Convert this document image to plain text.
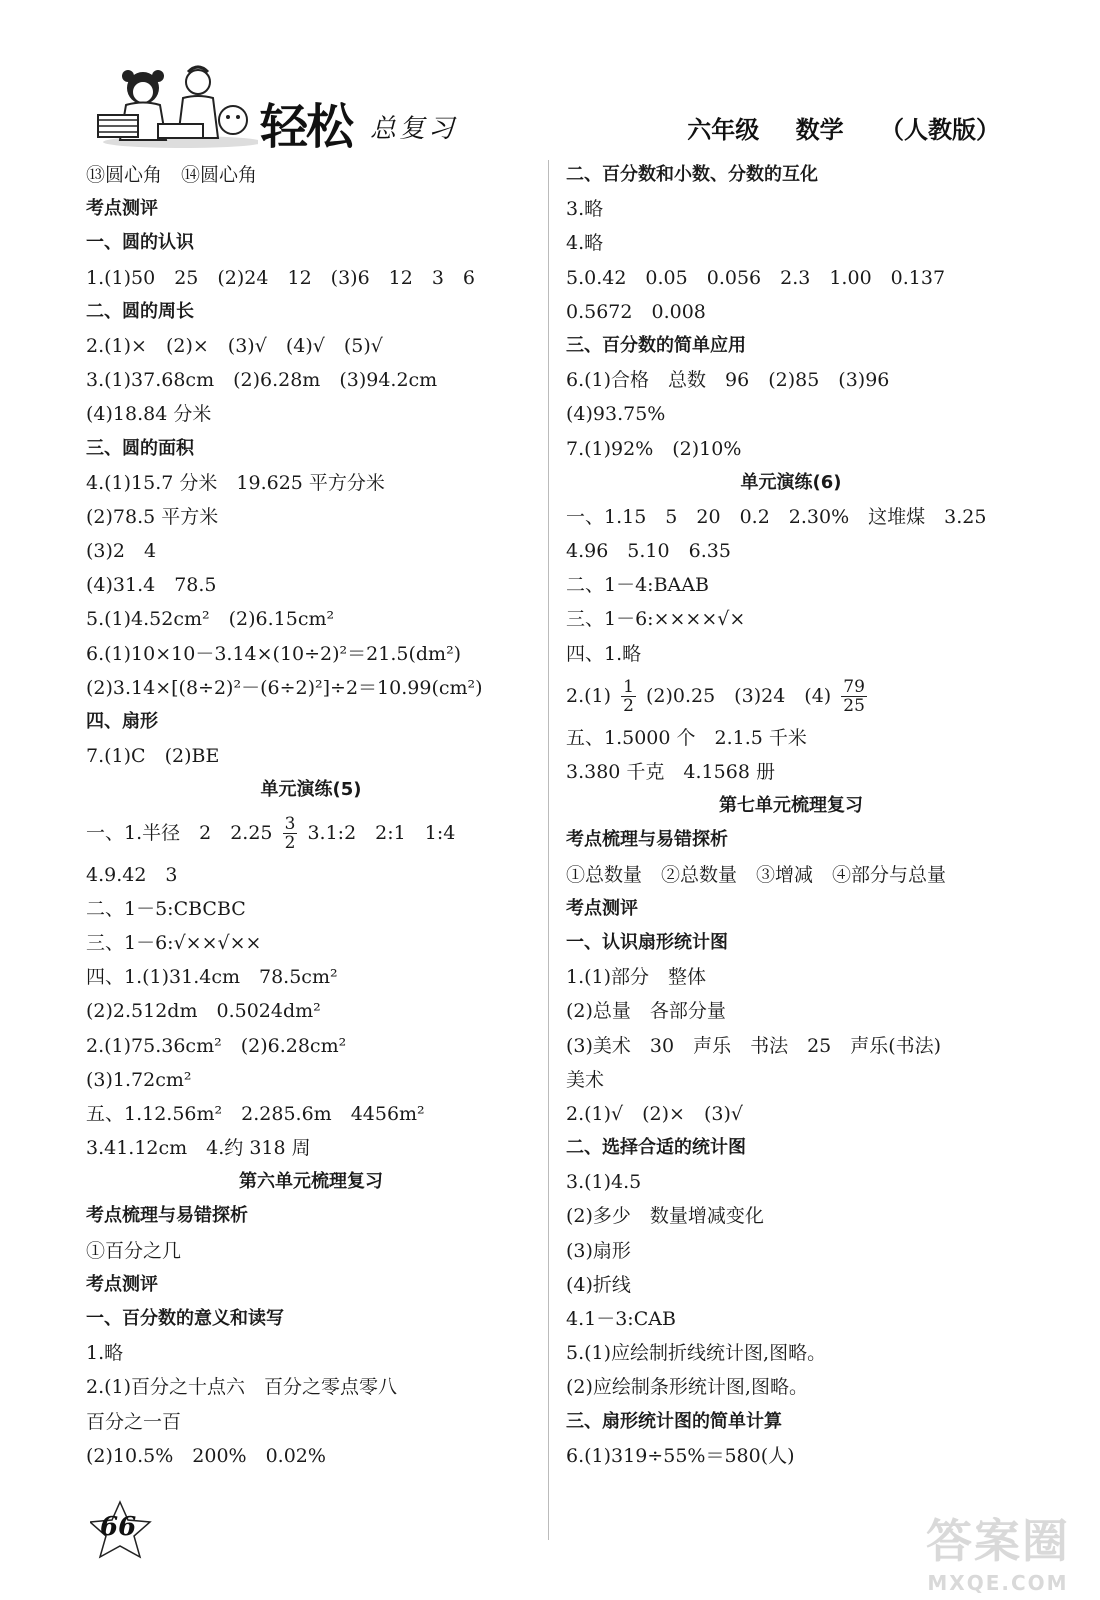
轻松 总复习	六年级 数学 （人教版）
⑬圆心角　⑭圆心角
考点测评
一、圆的认识
1.(1)50　25　(2)24　12　(3)6　12　3　6
二、圆的周长
2.(1)×　(2)×　(3)√　(4)√　(5)√
3.(1)37.68cm　(2)6.28m　(3)94.2cm
(4)18.84 分米
三、圆的面积
4.(1)15.7 分米　19.625 平方分米
(2)78.5 平方米
(3)2　4
(4)31.4　78.5
5.(1)4.52cm²　(2)6.15cm²
6.(1)10×10－3.14×(10÷2)²＝21.5(dm²)
(2)3.14×[(8÷2)²－(6÷2)²]÷2＝10.99(cm²)
四、扇形
7.(1)C　(2)BE
单元演练(5)
一、1.半径　2　$2.25 \frac{3}{2}$ 3.1:2　2:1　1:4
4.9.42　3
二、1－5:CBCBC
三、1－6:√××√××
四、1.(1)31.4cm　78.5cm²
(2)2.512dm　0.5024dm²
2.(1)75.36cm²　(2)6.28cm²
(3)1.72cm²
五、1.12.56m²　2.285.6m　4456m²
3.41.12cm　4.约 318 周
第六单元梳理复习
考点梳理与易错探析
①百分之几
考点测评
一、百分数的意义和读写
1.略
2.(1)百分之十点六　百分之零点零八
百分之一百
(2)10.5%　200%　0.02%
二、百分数和小数、分数的互化
3.略
4.略
5.0.42　0.05　0.056　2.3　1.00　0.137
0.5672　0.008
三、百分数的简单应用
6.(1)合格　总数　96　(2)85　(3)96
(4)93.75%
7.(1)92%　(2)10%
单元演练(6)
一、1.15　5　20　0.2　2.30%　这堆煤　3.25
4.96　5.10　6.35
二、1－4:BAAB
三、1－6:××××√×
四、1.略
$2.(1) \frac{1}{2} (2)0.25$　(3)24　$(4) \frac{79}{25}$
五、1.5000 个　2.1.5 千米
3.380 千克　4.1568 册
第七单元梳理复习
考点梳理与易错探析
①总数量　②总数量　③增减　④部分与总量
考点测评
一、认识扇形统计图
1.(1)部分　整体
(2)总量　各部分量
(3)美术　30　声乐　书法　25　声乐(书法)
美术
2.(1)√　(2)×　(3)√
二、选择合适的统计图
3.(1)4.5
(2)多少　数量增减变化
(3)扇形
(4)折线
4.1－3:CAB
5.(1)应绘制折线统计图,图略。
(2)应绘制条形统计图,图略。
三、扇形统计图的简单计算
6.(1)319÷55%＝580(人)
66	答案圈
MXQE.COM
